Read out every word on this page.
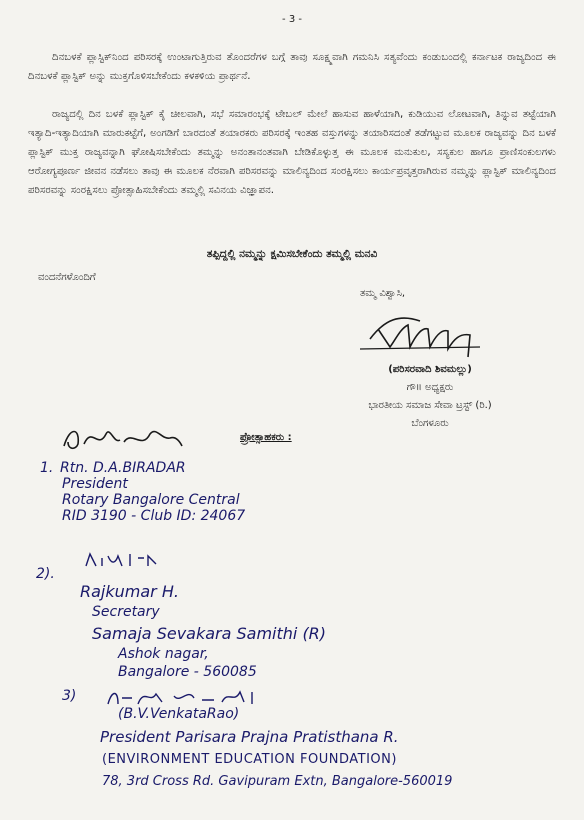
- 3 -

ದಿನಬಳಕೆ ಪ್ಲಾಸ್ಟಿಕ್‌ನಿಂದ ಪರಿಸರಕ್ಕೆ ಉಂಟಾಗುತ್ತಿರುವ ತೊಂದರೆಗಳ ಬಗ್ಗೆ ತಾವು ಸೂಕ್ಷ್ಮವಾಗಿ ಗಮನಿಸಿ ಸತ್ಯವೆಂದು ಕಂಡುಬಂದಲ್ಲಿ ಕರ್ನಾಟಕ ರಾಜ್ಯದಿಂದ ಈ ದಿನಬಳಕೆ ಪ್ಲಾಸ್ಟಿಕ್ ಅನ್ನು ಮುಕ್ತಗೊಳಿಸಬೇಕೆಂದು ಕಳಕಳಿಯ ಪ್ರಾರ್ಥನೆ.

ರಾಜ್ಯದಲ್ಲಿ ದಿನ ಬಳಕೆ ಪ್ಲಾಸ್ಟಿಕ್ ಕೈ ಚೀಲವಾಗಿ, ಸಭೆ ಸಮಾರಂಭಕ್ಕೆ ಟೇಬಲ್ ಮೇಲೆ ಹಾಸುವ ಹಾಳೆಯಾಗಿ, ಕುಡಿಯುವ ಲೋಟವಾಗಿ, ತಿನ್ನುವ ತಟ್ಟೆಯಾಗಿ ಇತ್ಯಾದಿ-ಇತ್ಯಾದಿಯಾಗಿ ಮಾರುಕಟ್ಟೆಗೆ, ಅಂಗಡಿಗೆ ಬಾರದಂತೆ ತಯಾರಕರು ಪರಿಸರಕ್ಕೆ ಇಂತಹ ವಸ್ತುಗಳನ್ನು ತಯಾರಿಸದಂತೆ ತಡೆಗಟ್ಟುವ ಮೂಲಕ ರಾಜ್ಯವನ್ನು ದಿನ ಬಳಕೆ ಪ್ಲಾಸ್ಟಿಕ್ ಮುಕ್ತ ರಾಜ್ಯವನ್ನಾಗಿ ಘೋಷಿಸಬೇಕೆಂದು ತಮ್ಮನ್ನು ಅನಂತಾನಂತವಾಗಿ ಬೇಡಿಕೊಳ್ಳುತ್ತ ಈ ಮೂಲಕ ಮನುಕುಲ, ಸಸ್ಯಕುಲ ಹಾಗೂ ಪ್ರಾಣಿಸಂಕುಲಗಳು ಆರೋಗ್ಯಪೂರ್ಣ ಜೀವನ ನಡೆಸಲು ತಾವು ಈ ಮೂಲಕ ನೆರವಾಗಿ ಪರಿಸರವನ್ನು ಮಾಲಿನ್ಯದಿಂದ ಸಂರಕ್ಷಿಸಲು ಕಾರ್ಯಪ್ರವೃತ್ತರಾಗಿರುವ ನಮ್ಮನ್ನು ಪ್ಲಾಸ್ಟಿಕ್ ಮಾಲಿನ್ಯದಿಂದ ಪರಿಸರವನ್ನು ಸಂರಕ್ಷಿಸಲು ಪ್ರೋತ್ಸಾಹಿಸಬೇಕೆಂದು ತಮ್ಮಲ್ಲಿ ಸವಿನಯ ವಿಜ್ಞಾಪನ.

ತಪ್ಪಿದ್ದಲ್ಲಿ ನಮ್ಮನ್ನು ಕ್ಷಮಿಸಬೇಕೆಂದು ತಮ್ಮಲ್ಲಿ ಮನವಿ
ವಂದನೆಗಳೊಂದಿಗೆ
ತಮ್ಮ ವಿಶ್ವಾಸಿ,
(ಪರಿಸರವಾದಿ ಶಿವಮಲ್ಲು)
ಗೌ॥ ಅಧ್ಯಕ್ಷರು
ಭಾರತೀಯ ಸಮಾಜ ಸೇವಾ ಟ್ರಸ್ಟ್ (ರಿ.)
ಬೆಂಗಳೂರು
ಪ್ರೋತ್ಸಾಹಕರು :
1. Rtn. D.A.BIRADAR
President
Rotary Bangalore Central
RID 3190 - Club ID: 24067
2).
Rajkumar H.
Secretary
Samaja Sevakara Samithi (R)
Ashok nagar,
Bangalore - 560085
3)
(B.V.VenkataRao)
President Parisara Prajna Pratisthana R.
(ENVIRONMENT EDUCATION FOUNDATION)
78, 3rd Cross Rd. Gavipuram Extn, Bangalore-560019
